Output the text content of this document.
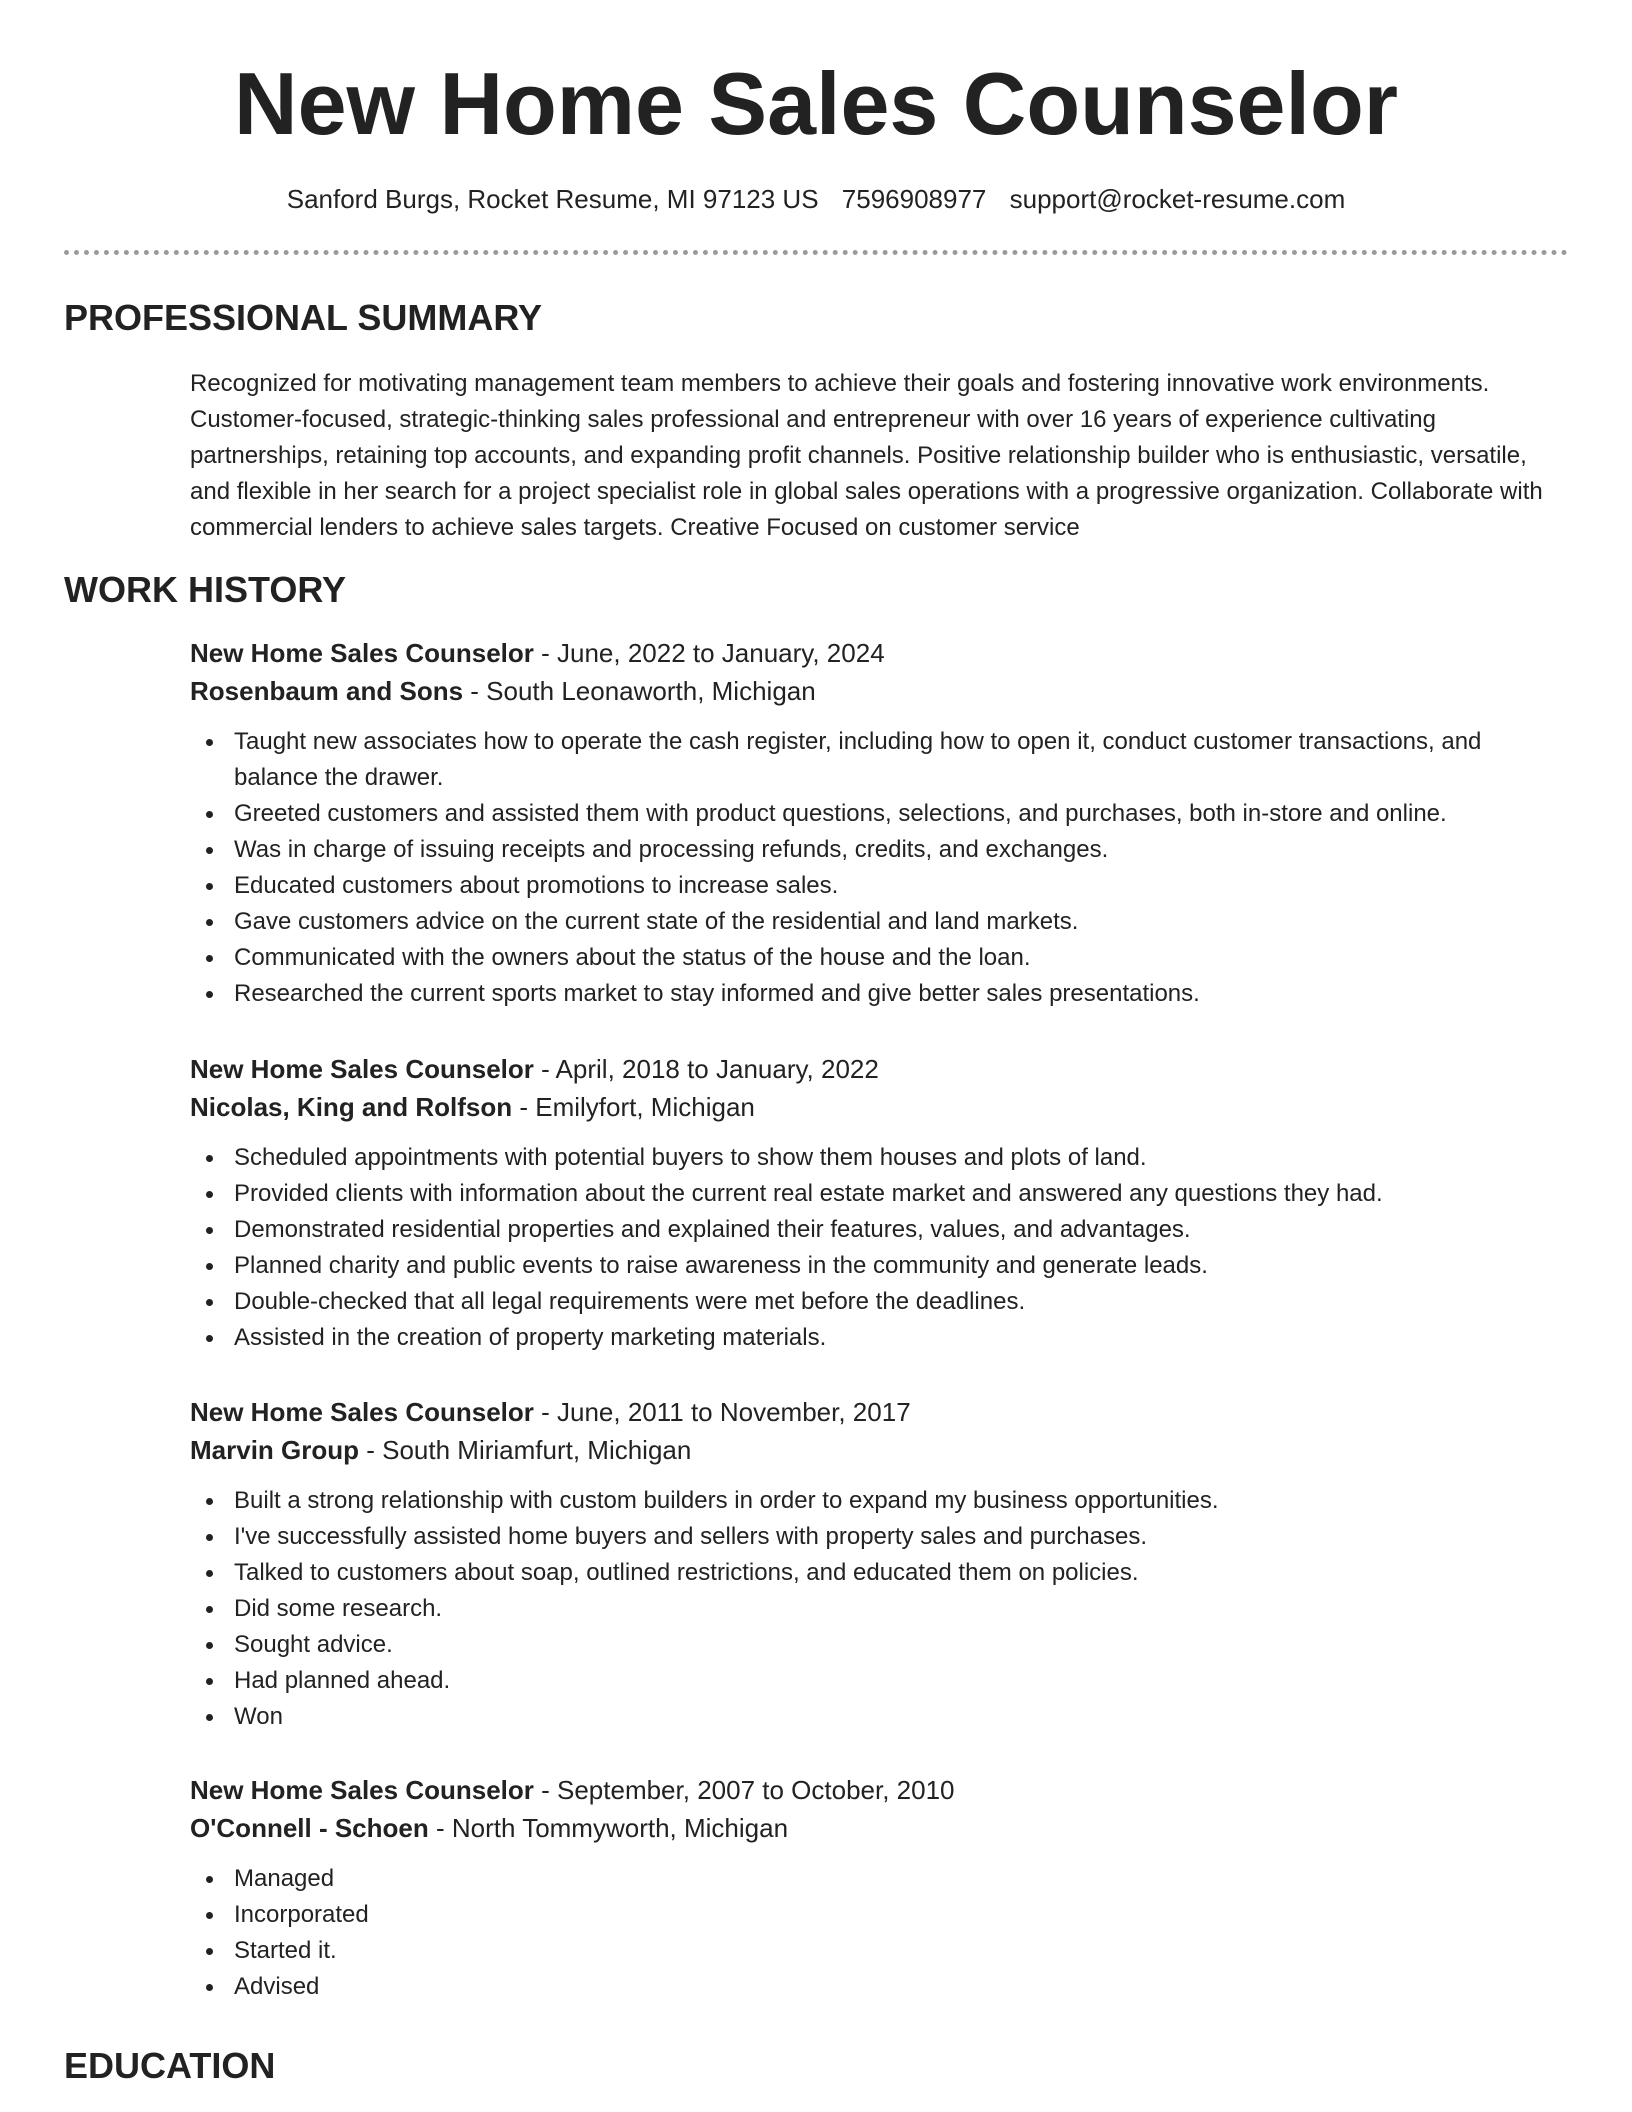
New Home Sales Counselor
Sanford Burgs, Rocket Resume, MI 97123 US 7596908977 support@rocket-resume.com
PROFESSIONAL SUMMARY

Recognized for motivating management team members to achieve their goals and fostering innovative work environments. Customer-focused, strategic-thinking sales professional and entrepreneur with over 16 years of experience cultivating partnerships, retaining top accounts, and expanding profit channels. Positive relationship builder who is enthusiastic, versatile, and flexible in her search for a project specialist role in global sales operations with a progressive organization. Collaborate with commercial lenders to achieve sales targets. Creative Focused on customer service

WORK HISTORY

New Home Sales Counselor - June, 2022 to January, 2024

Rosenbaum and Sons - South Leonaworth, Michigan

Taught new associates how to operate the cash register, including how to open it, conduct customer transactions, and balance the drawer.
Greeted customers and assisted them with product questions, selections, and purchases, both in-store and online.
Was in charge of issuing receipts and processing refunds, credits, and exchanges.
Educated customers about promotions to increase sales.
Gave customers advice on the current state of the residential and land markets.
Communicated with the owners about the status of the house and the loan.
Researched the current sports market to stay informed and give better sales presentations.

New Home Sales Counselor - April, 2018 to January, 2022

Nicolas, King and Rolfson - Emilyfort, Michigan

Scheduled appointments with potential buyers to show them houses and plots of land.
Provided clients with information about the current real estate market and answered any questions they had.
Demonstrated residential properties and explained their features, values, and advantages.
Planned charity and public events to raise awareness in the community and generate leads.
Double-checked that all legal requirements were met before the deadlines.
Assisted in the creation of property marketing materials.

New Home Sales Counselor - June, 2011 to November, 2017

Marvin Group - South Miriamfurt, Michigan

Built a strong relationship with custom builders in order to expand my business opportunities.
I've successfully assisted home buyers and sellers with property sales and purchases.
Talked to customers about soap, outlined restrictions, and educated them on policies.
Did some research.
Sought advice.
Had planned ahead.
Won

New Home Sales Counselor - September, 2007 to October, 2010

O'Connell - Schoen - North Tommyworth, Michigan

Managed
Incorporated
Started it.
Advised
EDUCATION
